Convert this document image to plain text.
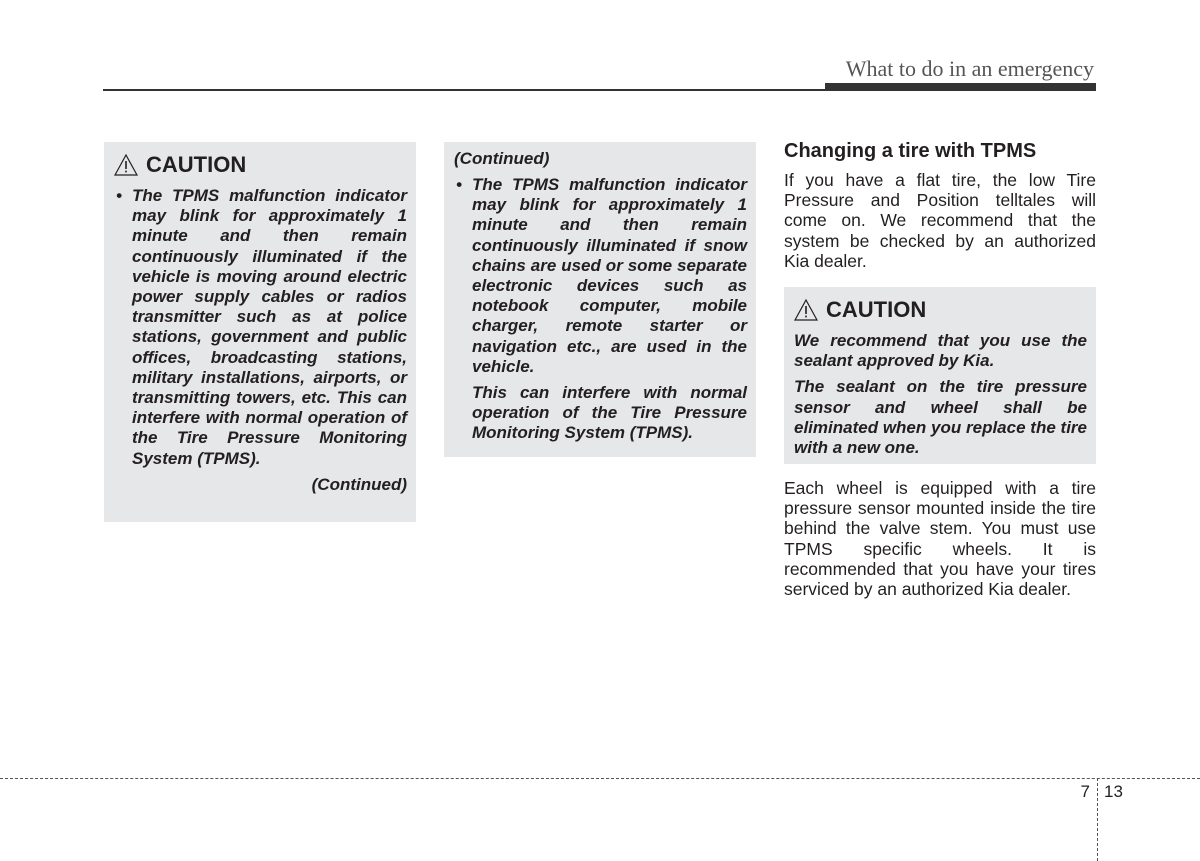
What to do in an emergency
CAUTION

• The TPMS malfunction indicator may blink for approximately 1 minute and then remain continuously illuminated if the vehicle is moving around electric power supply cables or radios transmitter such as at police stations, government and public offices, broadcasting stations, military installations, airports, or transmitting towers, etc. This can interfere with normal operation of the Tire Pressure Monitoring System (TPMS).

(Continued)
(Continued)

• The TPMS malfunction indicator may blink for approximately 1 minute and then remain continuously illuminated if snow chains are used or some separate electronic devices such as notebook computer, mobile charger, remote starter or navigation etc., are used in the vehicle.

This can interfere with normal operation of the Tire Pressure Monitoring System (TPMS).

Changing a tire with TPMS

If you have a flat tire, the low Tire Pressure and Position telltales will come on. We recommend that the system be checked by an authorized Kia dealer.

CAUTION

We recommend that you use the sealant approved by Kia.

The sealant on the tire pressure sensor and wheel shall be eliminated when you replace the tire with a new one.

Each wheel is equipped with a tire pressure sensor mounted inside the tire behind the valve stem. You must use TPMS specific wheels. It is recommended that you have your tires serviced by an authorized Kia dealer.

7 13
